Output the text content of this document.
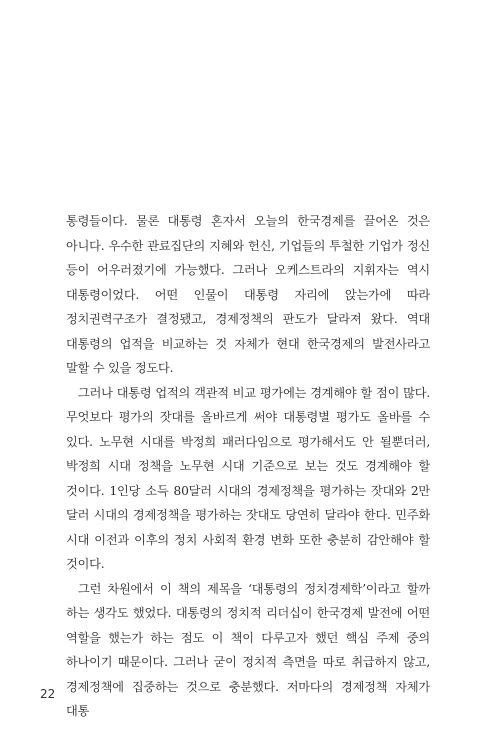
통령들이다. 물론 대통령 혼자서 오늘의 한국경제를 끌어온 것은 아니다. 우수한 관료집단의 지혜와 헌신, 기업들의 투철한 기업가 정신 등이 어우러졌기에 가능했다. 그러나 오케스트라의 지휘자는 역시 대통령이었다. 어떤 인물이 대통령 자리에 앉는가에 따라 정치권력구조가 결정됐고, 경제정책의 판도가 달라져 왔다. 역대 대통령의 업적을 비교하는 것 자체가 현대 한국경제의 발전사라고 말할 수 있을 정도다.

그러나 대통령 업적의 객관적 비교 평가에는 경계해야 할 점이 많다. 무엇보다 평가의 잣대를 올바르게 써야 대통령별 평가도 올바를 수 있다. 노무현 시대를 박정희 패러다임으로 평가해서도 안 될뿐더러, 박정희 시대 정책을 노무현 시대 기준으로 보는 것도 경계해야 할 것이다. 1인당 소득 80달러 시대의 경제정책을 평가하는 잣대와 2만 달러 시대의 경제정책을 평가하는 잣대도 당연히 달라야 한다. 민주화 시대 이전과 이후의 정치 사회적 환경 변화 또한 충분히 감안해야 할 것이다.

그런 차원에서 이 책의 제목을 ‘대통령의 정치경제학’이라고 할까 하는 생각도 했었다. 대통령의 정치적 리더십이 한국경제 발전에 어떤 역할을 했는가 하는 점도 이 책이 다루고자 했던 핵심 주제 중의 하나이기 때문이다. 그러나 굳이 정치적 측면을 따로 취급하지 않고, 경제정책에 집중하는 것으로 충분했다. 저마다의 경제정책 자체가 대통

22
